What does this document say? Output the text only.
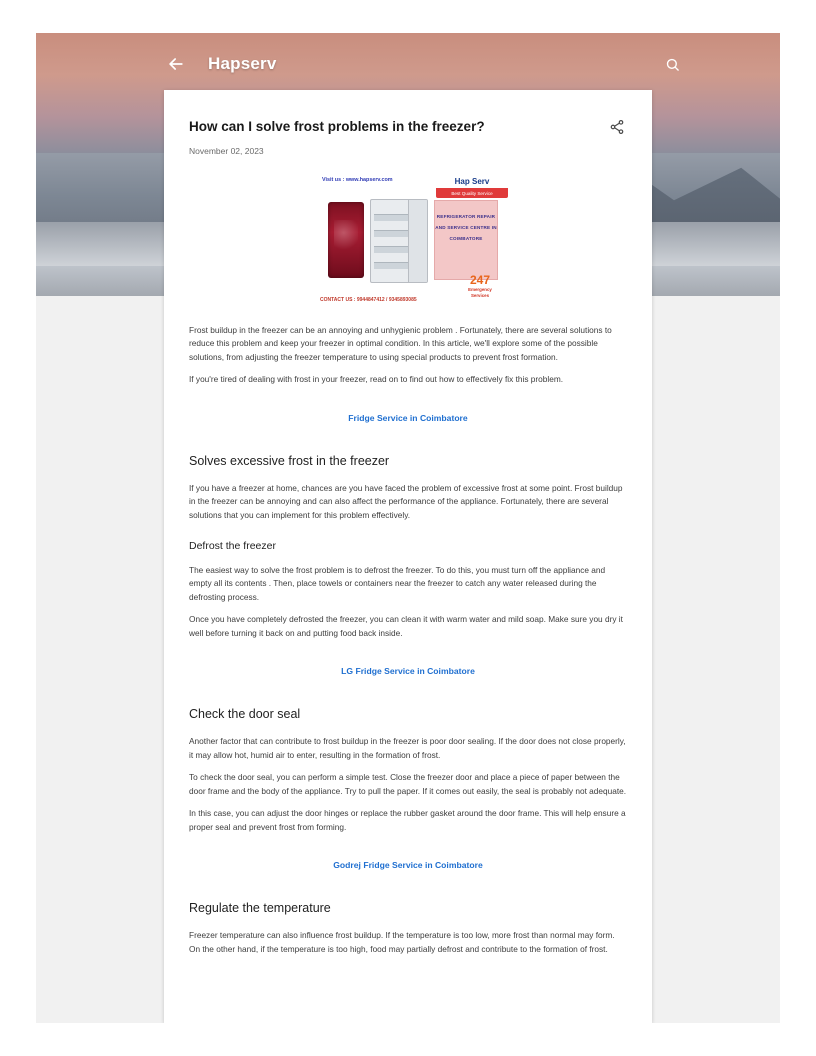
Hapserv
How can I solve frost problems in the freezer?
November 02, 2023
Visit us : www.hapserv.com	Hap Serv
Best Quality Service
REFRIGERATOR REPAIR AND SERVICE CENTRE IN COIMBATORE
CONTACT US : 9944847412 / 9345893085
247
Emergency
Services

Frost buildup in the freezer can be an annoying and unhygienic problem . Fortunately, there are several solutions to reduce this problem and keep your freezer in optimal condition. In this article, we'll explore some of the possible solutions, from adjusting the freezer temperature to using special products to prevent frost formation.

If you're tired of dealing with frost in your freezer, read on to find out how to effectively fix this problem.

Fridge Service in Coimbatore
Solves excessive frost in the freezer

If you have a freezer at home, chances are you have faced the problem of excessive frost at some point. Frost buildup in the freezer can be annoying and can also affect the performance of the appliance. Fortunately, there are several solutions that you can implement for this problem effectively.

Defrost the freezer

The easiest way to solve the frost problem is to defrost the freezer. To do this, you must turn off the appliance and empty all its contents . Then, place towels or containers near the freezer to catch any water released during the defrosting process.

Once you have completely defrosted the freezer, you can clean it with warm water and mild soap. Make sure you dry it well before turning it back on and putting food back inside.

LG Fridge Service in Coimbatore
Check the door seal

Another factor that can contribute to frost buildup in the freezer is poor door sealing. If the door does not close properly, it may allow hot, humid air to enter, resulting in the formation of frost.

To check the door seal, you can perform a simple test. Close the freezer door and place a piece of paper between the door frame and the body of the appliance. Try to pull the paper. If it comes out easily, the seal is probably not adequate.

In this case, you can adjust the door hinges or replace the rubber gasket around the door frame. This will help ensure a proper seal and prevent frost from forming.

Godrej Fridge Service in Coimbatore
Regulate the temperature

Freezer temperature can also influence frost buildup. If the temperature is too low, more frost than normal may form. On the other hand, if the temperature is too high, food may partially defrost and contribute to the formation of frost.
